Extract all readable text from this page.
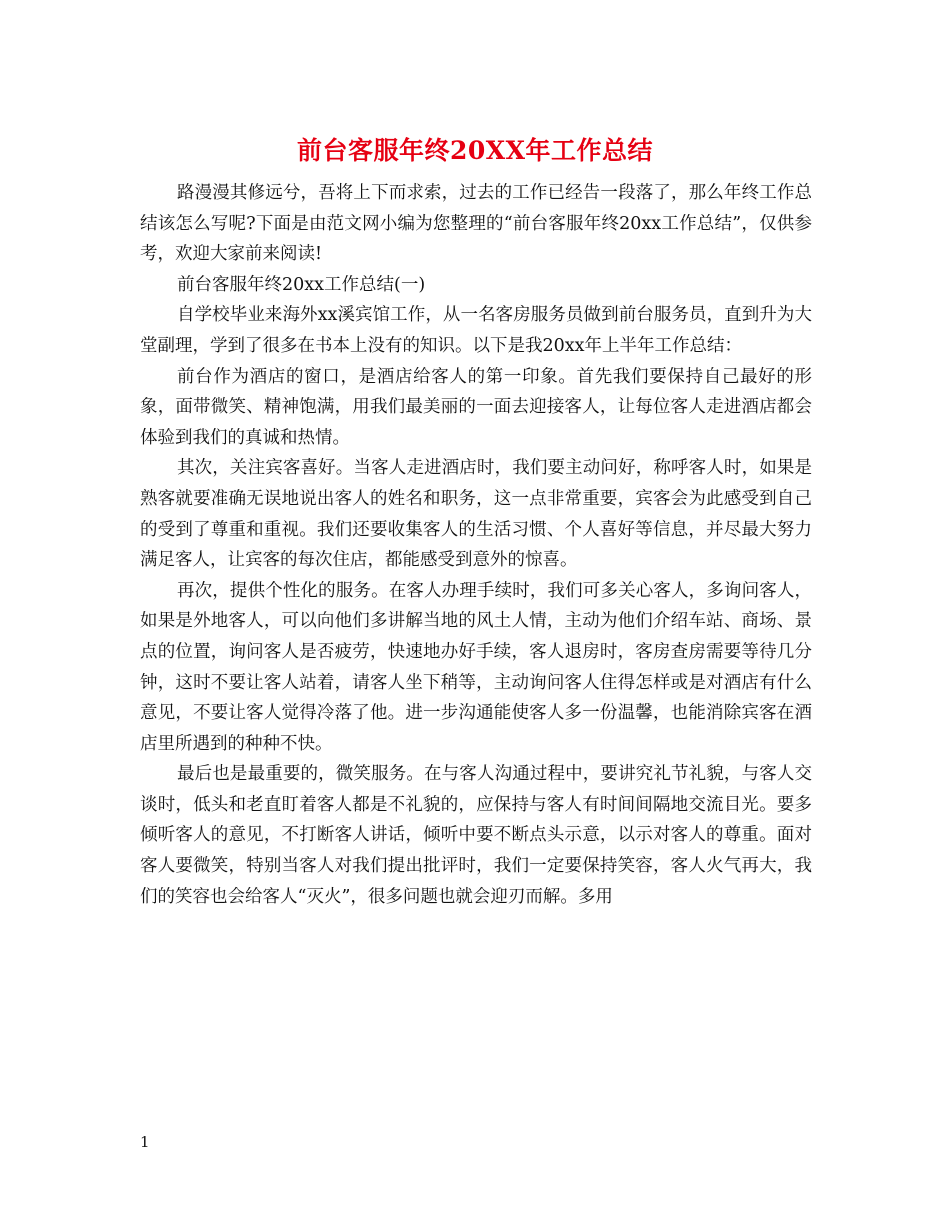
前台客服年终20XX年工作总结

路漫漫其修远兮，吾将上下而求索，过去的工作已经告一段落了，那么年终工作总结该怎么写呢?下面是由范文网小编为您整理的“前台客服年终20xx工作总结”，仅供参考，欢迎大家前来阅读!

前台客服年终20xx工作总结(一)

自学校毕业来海外xx溪宾馆工作，从一名客房服务员做到前台服务员，直到升为大堂副理，学到了很多在书本上没有的知识。以下是我20xx年上半年工作总结：

前台作为酒店的窗口，是酒店给客人的第一印象。首先我们要保持自己最好的形象，面带微笑、精神饱满，用我们最美丽的一面去迎接客人，让每位客人走进酒店都会体验到我们的真诚和热情。

其次，关注宾客喜好。当客人走进酒店时，我们要主动问好，称呼客人时，如果是熟客就要准确无误地说出客人的姓名和职务，这一点非常重要，宾客会为此感受到自己的受到了尊重和重视。我们还要收集客人的生活习惯、个人喜好等信息，并尽最大努力满足客人，让宾客的每次住店，都能感受到意外的惊喜。

再次，提供个性化的服务。在客人办理手续时，我们可多关心客人，多询问客人，如果是外地客人，可以向他们多讲解当地的风土人情，主动为他们介绍车站、商场、景点的位置，询问客人是否疲劳，快速地办好手续，客人退房时，客房查房需要等待几分钟，这时不要让客人站着，请客人坐下稍等，主动询问客人住得怎样或是对酒店有什么意见，不要让客人觉得冷落了他。进一步沟通能使客人多一份温馨，也能消除宾客在酒店里所遇到的种种不快。

最后也是最重要的，微笑服务。在与客人沟通过程中，要讲究礼节礼貌，与客人交谈时，低头和老直盯着客人都是不礼貌的，应保持与客人有时间间隔地交流目光。要多倾听客人的意见，不打断客人讲话，倾听中要不断点头示意，以示对客人的尊重。面对客人要微笑，特别当客人对我们提出批评时，我们一定要保持笑容，客人火气再大，我们的笑容也会给客人“灭火”，很多问题也就会迎刃而解。多用

1
